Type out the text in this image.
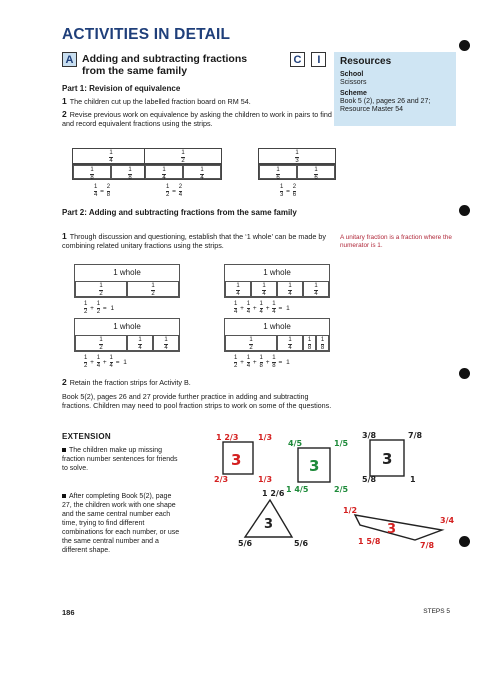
ACTIVITIES IN DETAIL
A Adding and subtracting fractions from the same family
C I
Part 1: Revision of equivalence
1 The children cut up the labelled fraction board on RM 54.
2 Revise previous work on equivalence by asking the children to work in pairs to find and record equivalent fractions using the strips.
Resources
School
Scissors
Scheme
Book 5 (2), pages 26 and 27; Resource Master 54
$\frac{1}{4}$
$\frac{1}{8}$	$\frac{1}{8}$
$\frac{1}{4} = \frac{2}{8}$
$\frac{1}{2}$
$\frac{1}{4}$	$\frac{1}{4}$
$\frac{1}{2} = \frac{2}{4}$
$\frac{1}{3}$
$\frac{1}{6}$	$\frac{1}{6}$
$\frac{1}{3} = \frac{2}{6}$
Part 2: Adding and subtracting fractions from the same family
1 Through discussion and questioning, establish that the ‘1 whole’ can be made by combining related unitary fractions using the strips.
A unitary fraction is a fraction where the numerator is 1.
1 whole
$\frac{1}{2}$	$\frac{1}{2}$
$\frac{1}{2} + \frac{1}{2} = 1$
1 whole
$\frac{1}{4}$	$\frac{1}{4}$	$\frac{1}{4}$	$\frac{1}{4}$
$\frac{1}{4} + \frac{1}{4} + \frac{1}{4} + \frac{1}{4} = 1$
1 whole
$\frac{1}{2}$	$\frac{1}{4}$	$\frac{1}{4}$
$\frac{1}{2} + \frac{1}{4} + \frac{1}{4} = 1$
1 whole
$\frac{1}{2}$	$\frac{1}{4}$	$\frac{1}{8} \frac{1}{8}$
$\frac{1}{2} + \frac{1}{4} + \frac{1}{8} + \frac{1}{8} = 1$
2 Retain the fraction strips for Activity B.
Book 5(2), pages 26 and 27 provide further practice in adding and subtracting fractions. Children may need to pool fraction strips to work on some of the questions.
EXTENSION
The children make up missing fraction number sentences for friends to solve.
After completing Book 5(2), page 27, the children work with one shape and the same central number each time, trying to find different combinations for each number, or use the same central number and a different shape.
3
1 2/3 1/3
1/3
2/3
3
4/5	1/5
1 4/5	2/5
3
3/8	7/8
5/8	1
3
1 2/6
5/6	5/6
3
1/2
3/4
7/8
1 5/8
186	STEPS 5
